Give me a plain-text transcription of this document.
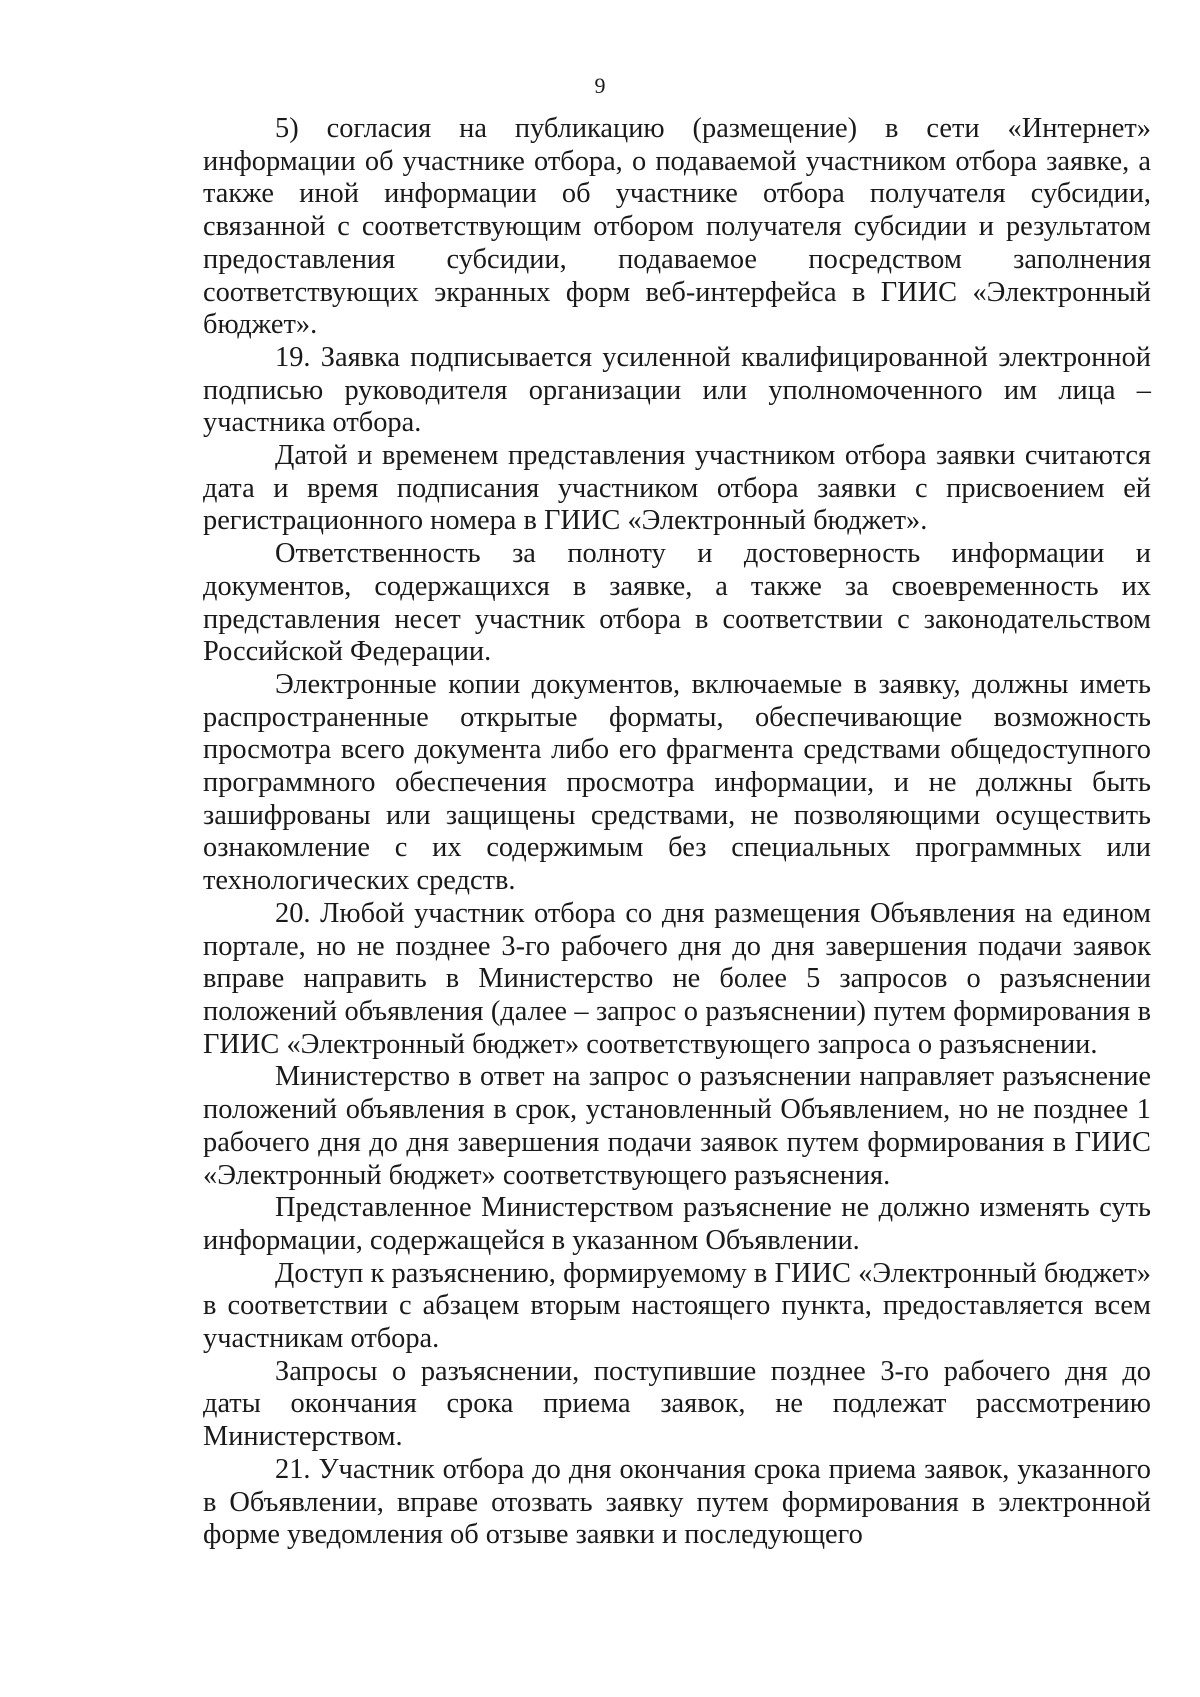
9

5) согласия на публикацию (размещение) в сети «Интернет» информации об участнике отбора, о подаваемой участником отбора заявке, а также иной информации об участнике отбора получателя субсидии, связанной с соответствующим отбором получателя субсидии и результатом предоставления субсидии, подаваемое посредством заполнения соответствующих экранных форм веб-интерфейса в ГИИС «Электронный бюджет».

19. Заявка подписывается усиленной квалифицированной электронной подписью руководителя организации или уполномоченного им лица – участника отбора.

Датой и временем представления участником отбора заявки считаются дата и время подписания участником отбора заявки с присвоением ей регистрационного номера в ГИИС «Электронный бюджет».

Ответственность за полноту и достоверность информации и документов, содержащихся в заявке, а также за своевременность их представления несет участник отбора в соответствии с законодательством Российской Федерации.

Электронные копии документов, включаемые в заявку, должны иметь распространенные открытые форматы, обеспечивающие возможность просмотра всего документа либо его фрагмента средствами общедоступного программного обеспечения просмотра информации, и не должны быть зашифрованы или защищены средствами, не позволяющими осуществить ознакомление с их содержимым без специальных программных или технологических средств.

20. Любой участник отбора со дня размещения Объявления на едином портале, но не позднее 3-го рабочего дня до дня завершения подачи заявок вправе направить в Министерство не более 5 запросов о разъяснении положений объявления (далее – запрос о разъяснении) путем формирования в ГИИС «Электронный бюджет» соответствующего запроса о разъяснении.

Министерство в ответ на запрос о разъяснении направляет разъяснение положений объявления в срок, установленный Объявлением, но не позднее 1 рабочего дня до дня завершения подачи заявок путем формирования в ГИИС «Электронный бюджет» соответствующего разъяснения.

Представленное Министерством разъяснение не должно изменять суть информации, содержащейся в указанном Объявлении.

Доступ к разъяснению, формируемому в ГИИС «Электронный бюджет» в соответствии с абзацем вторым настоящего пункта, предоставляется всем участникам отбора.

Запросы о разъяснении, поступившие позднее 3-го рабочего дня до даты окончания срока приема заявок, не подлежат рассмотрению Министерством.

21. Участник отбора до дня окончания срока приема заявок, указанного в Объявлении, вправе отозвать заявку путем формирования в электронной форме уведомления об отзыве заявки и последующего
